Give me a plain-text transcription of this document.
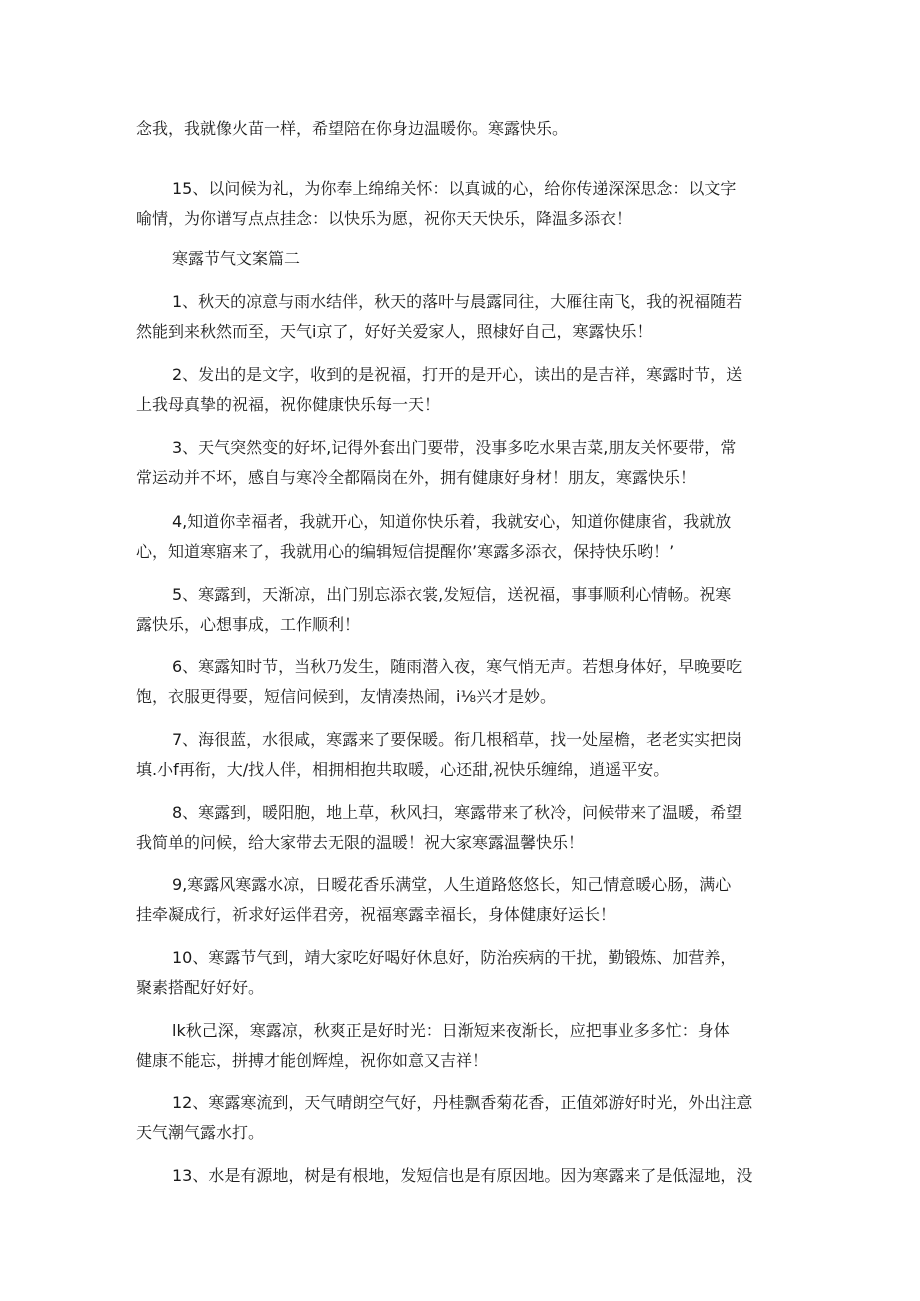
念我，我就像火苗一样，希望陪在你身边温暖你。寒露快乐。
15、以问候为礼，为你奉上绵绵关怀：以真诚的心，给你传递深深思念：以文字
喻情，为你谱写点点挂念：以快乐为愿，祝你天天快乐，降温多添衣！
寒露节气文案篇二
1、秋天的凉意与雨水结伴，秋天的落叶与晨露同往，大雁往南飞，我的祝福随若
然能到来秋然而至，天气i京了，好好关爱家人，照棣好自己，寒露快乐！
2、发出的是文字，收到的是祝福，打开的是开心，读出的是吉祥，寒露时节，送
上我母真挚的祝福，祝你健康快乐每一天！
3、天气突然变的好坏,记得外套出门要带，没事多吃水果吉菜,朋友关怀要带，常
常运动并不坏，感自与寒冷全都隔岗在外，拥有健康好身材！朋友，寒露快乐！
4,知道你幸福者，我就开心，知道你快乐着，我就安心，知道你健康省，我就放
心，知道寒寤来了，我就用心的编辑短信提醒你’寒露多添衣，保持快乐哟！’
5、寒露到，天渐凉，出门别忘添衣裳,发短信，送祝福，事事顺利心情畅。祝寒
露快乐，心想事成，工作顺利！
6、寒露知时节，当秋乃发生，随雨潜入夜，寒气悄无声。若想身体好，早晚要吃
饱，衣服更得要，短信问候到，友情凑热闹，i⅛兴才是妙。
7、海很蓝，水很咸，寒露来了要保暖。衔几根稻草，找一处屋檐，老老实实把岗
填.小f再衔，大/找人伴，相拥相抱共取暖，心还甜,祝快乐缠绵，逍遥平安。
8、寒露到，暖阳胞，地上草，秋风扫，寒露带来了秋冷，问候带来了温暖，希望
我简单的问候，给大家带去无限的温暖！祝大家寒露温馨快乐！
9,寒露风寒露水凉，日暧花香乐满堂，人生道路悠悠长，知己情意暖心肠，满心
挂牵凝成行，祈求好运伴君旁，祝福寒露幸福长，身体健康好运长！
10、寒露节气到，靖大家吃好喝好休息好，防治疾病的干扰，勤锻炼、加营养，
聚素搭配好好好。
lk秋己深，寒露凉，秋爽正是好时光：日渐短来夜渐长，应把事业多多忙：身体
健康不能忘，拼搏才能创辉煌，祝你如意又吉祥！
12、寒露寒流到，天气晴朗空气好，丹桂飘香菊花香，正值郊游好时光，外出注意
天气潮气露水打。
13、水是有源地，树是有根地，发短信也是有原因地。因为寒露来了是低湿地，没
